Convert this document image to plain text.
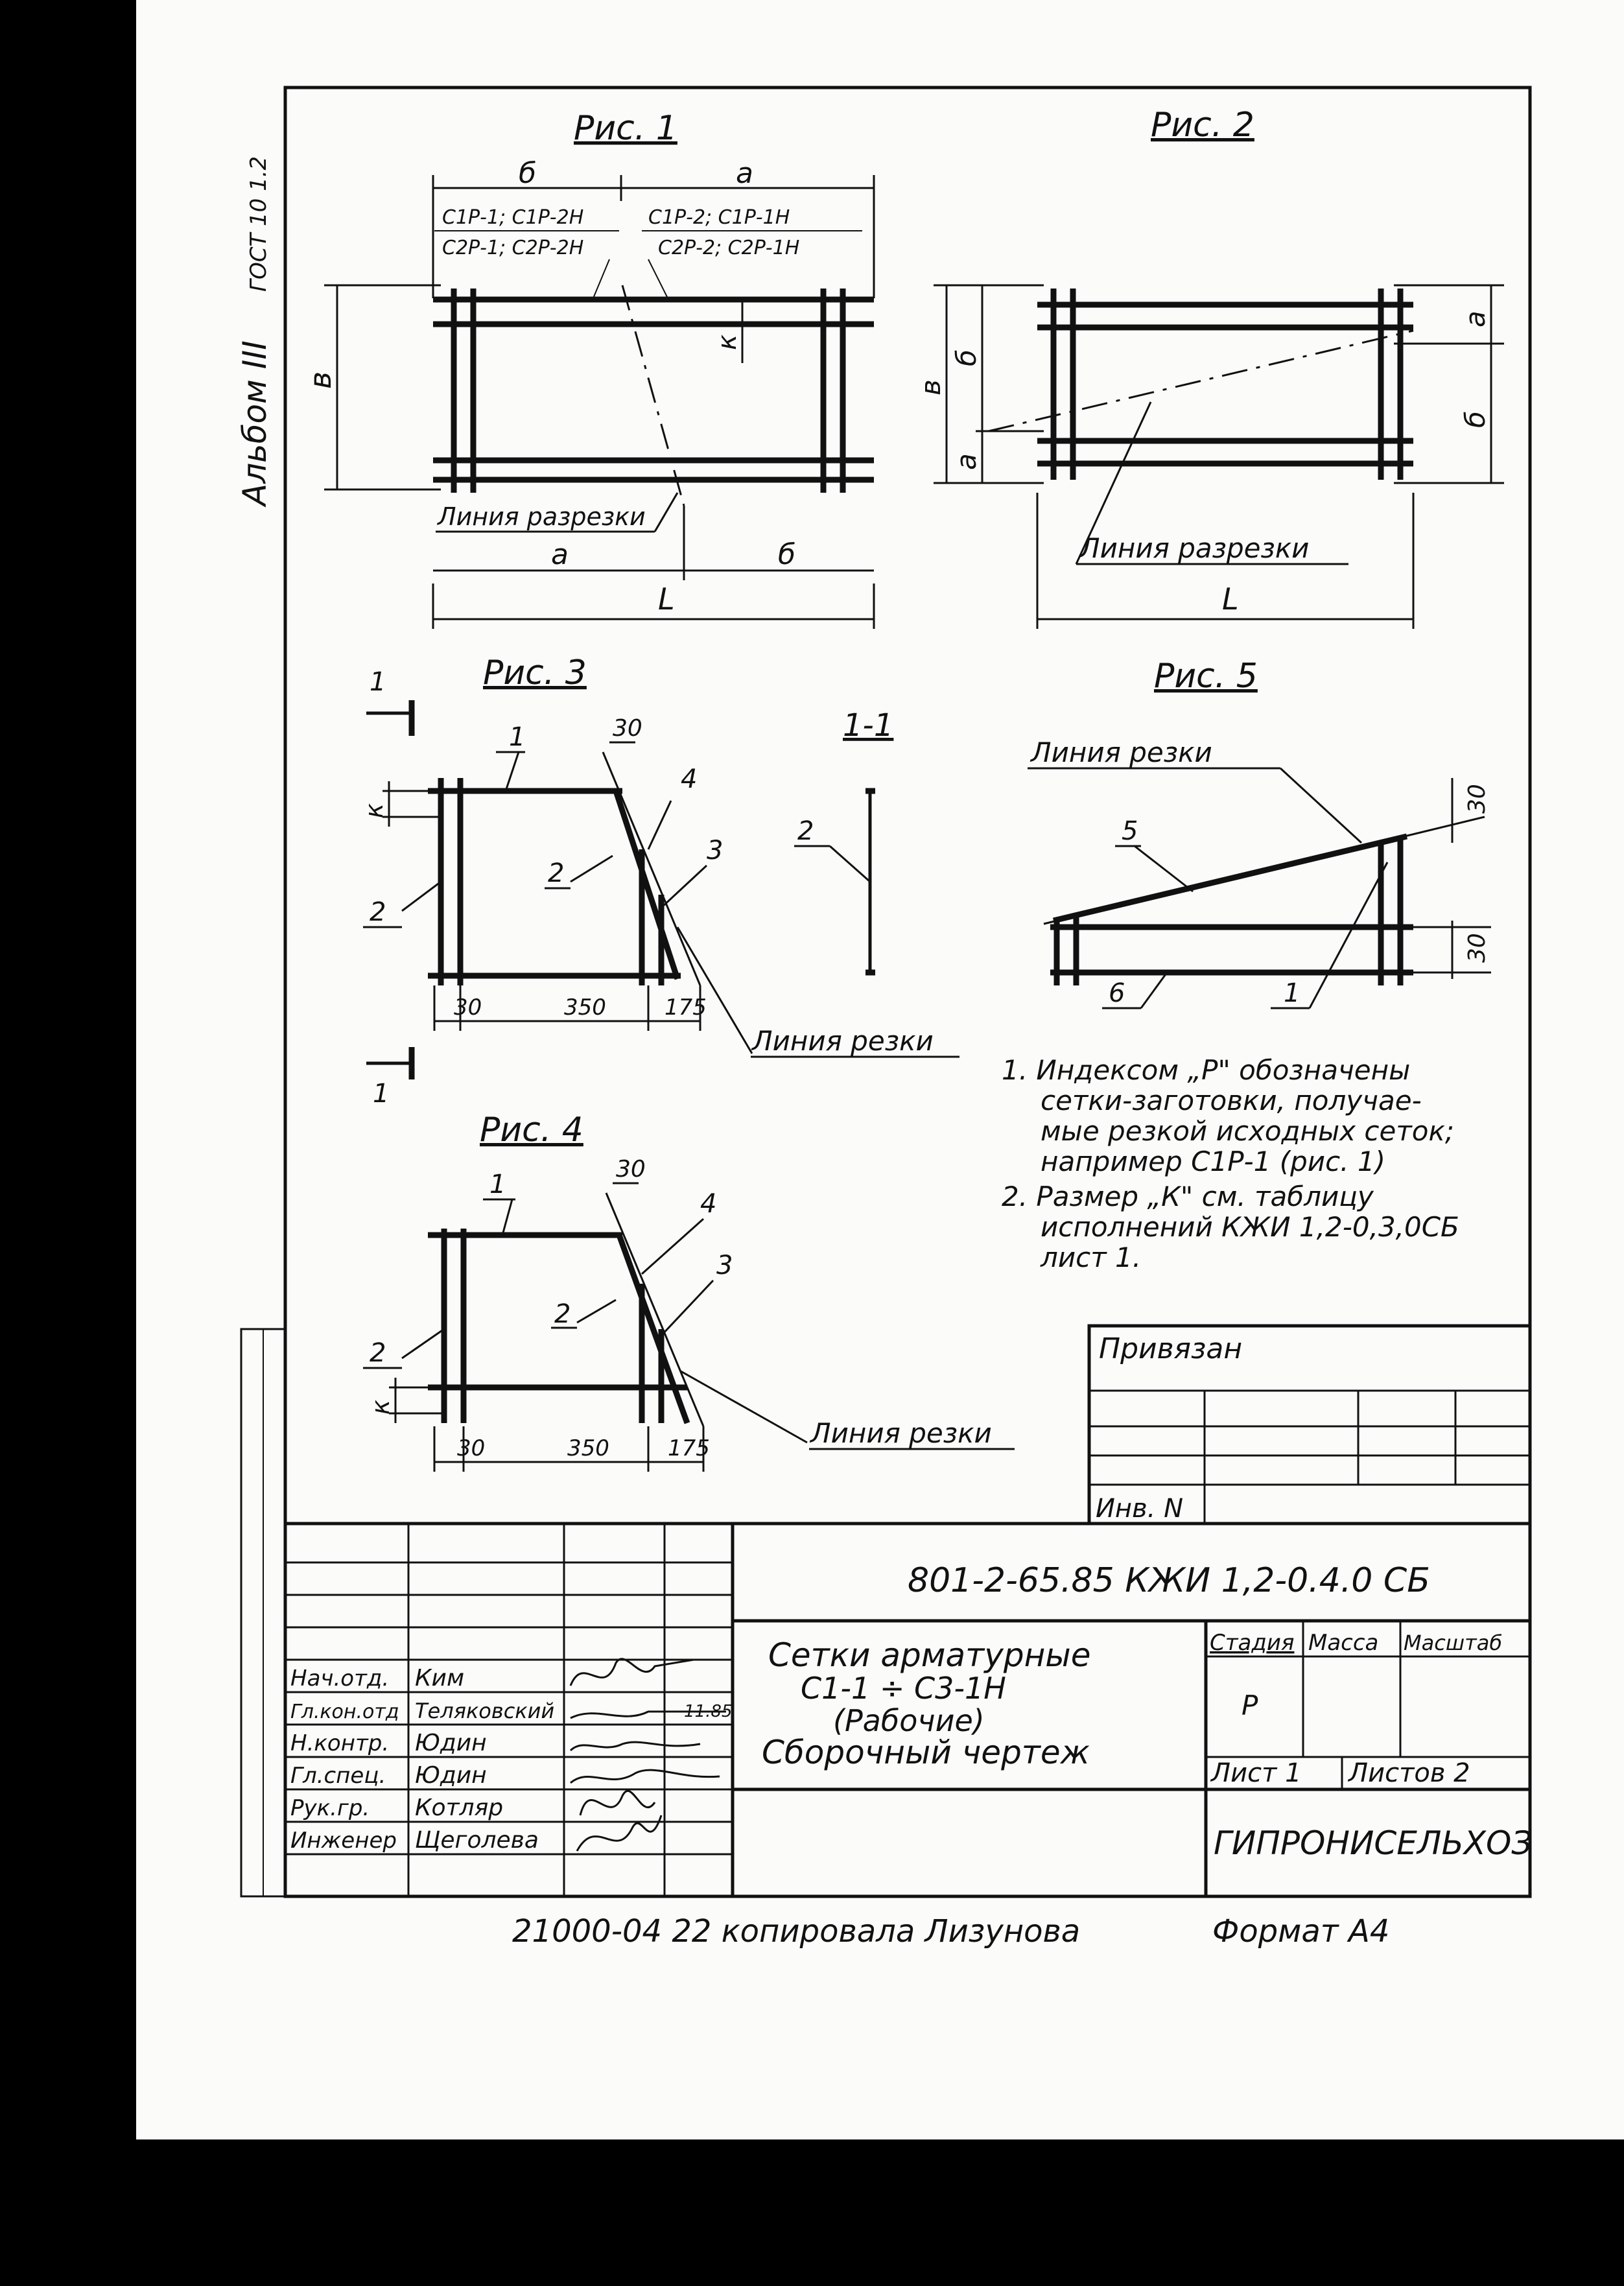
Альбом III
ГОСТ 10 1.2
Рис. 1
б	а
С1Р-1; С1Р-2Н
С2Р-1; С2Р-2Н
С1Р-2; С1Р-1Н
С2Р-2; С2Р-1Н
к
в
Линия разрезки
а	б
L
Рис. 2
в
б
а
а
б
Линия разрезки
L
Рис. 3
1
1
1
2
2
4
3
30
к
30	350	175
Линия резки
1-1
2
Рис. 4
1
2
2
4
3
30
к
30	350	175	Линия резки
Рис. 5
Линия резки
30
30
5
6	1
1. Индексом „Р" обозначены
сетки-заготовки, получае-
мые резкой исходных сеток;
например С1Р-1 (рис. 1)
2. Размер „К" см. таблицу
исполнений КЖИ 1,2-0,3,0СБ
лист 1.
Привязан
Инв. N
801-2-65.85 КЖИ 1,2-0.4.0 СБ
Сетки арматурные
С1-1 ÷ С3-1Н
(Рабочие)
Сборочный чертеж
Стадия Масса Масштаб
Р
Лист 1 Листов 2
ГИПРОНИСЕЛЬХОЗ
11.85
Нач.отд. Ким
Гл.кон.отд Теляковский
Н.контр. Юдин
Гл.спец. Юдин
Рук.гр. Котляр
Инженер Щеголева
21000-04 22 копировала Лизунова	Формат А4
